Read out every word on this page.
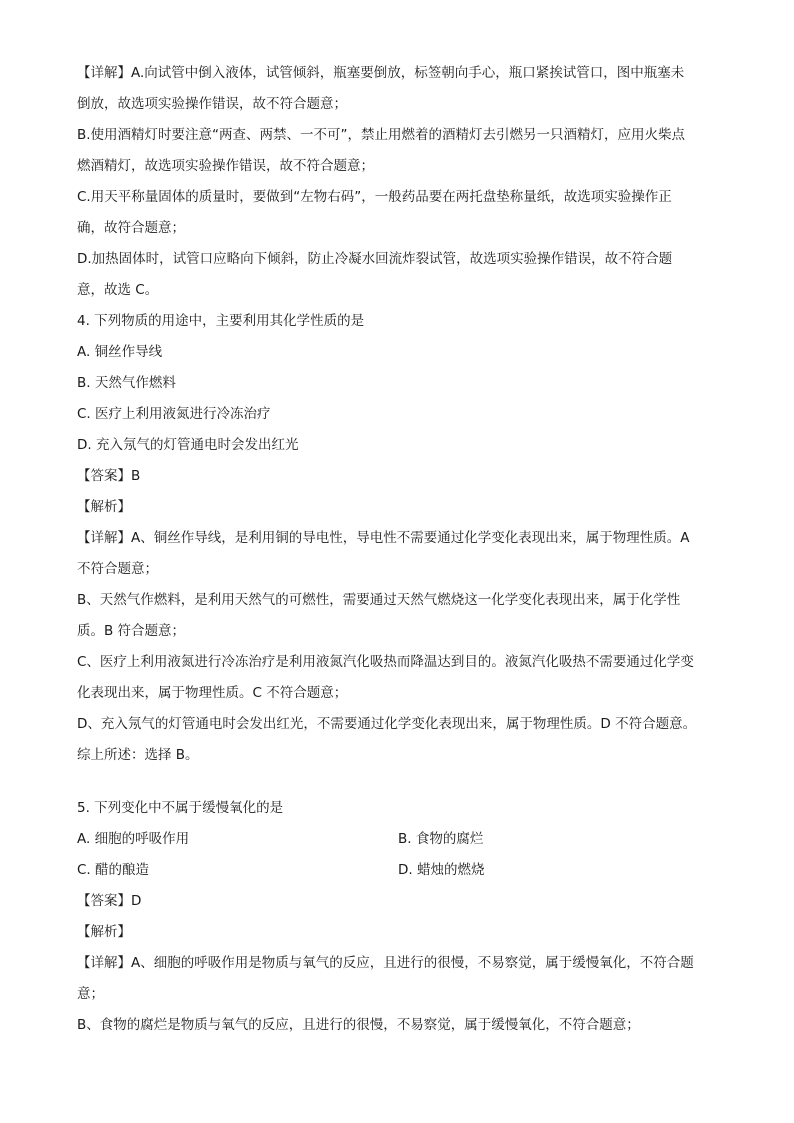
【详解】A.向试管中倒入液体，试管倾斜，瓶塞要倒放，标签朝向手心，瓶口紧挨试管口，图中瓶塞未
倒放，故选项实验操作错误，故不符合题意；
B.使用酒精灯时要注意“两查、两禁、一不可”，禁止用燃着的酒精灯去引燃另一只酒精灯，应用火柴点
燃酒精灯，故选项实验操作错误，故不符合题意；
C.用天平称量固体的质量时，要做到“左物右码”，一般药品要在两托盘垫称量纸，故选项实验操作正
确，故符合题意；
D.加热固体时，试管口应略向下倾斜，防止冷凝水回流炸裂试管，故选项实验操作错误，故不符合题
意，故选 C。
4. 下列物质的用途中，主要利用其化学性质的是
A. 铜丝作导线
B. 天然气作燃料
C. 医疗上利用液氮进行冷冻治疗
D. 充入氖气的灯管通电时会发出红光
【答案】B
【解析】
【详解】A、铜丝作导线，是利用铜的导电性，导电性不需要通过化学变化表现出来，属于物理性质。A
不符合题意；
B、天然气作燃料，是利用天然气的可燃性，需要通过天然气燃烧这一化学变化表现出来，属于化学性
质。B 符合题意；
C、医疗上利用液氮进行冷冻治疗是利用液氮汽化吸热而降温达到目的。液氮汽化吸热不需要通过化学变
化表现出来，属于物理性质。C 不符合题意；
D、充入氖气的灯管通电时会发出红光，不需要通过化学变化表现出来，属于物理性质。D 不符合题意。
综上所述：选择 B。
5. 下列变化中不属于缓慢氧化的是
A. 细胞的呼吸作用	B. 食物的腐烂
C. 醋的酿造	D. 蜡烛的燃烧
【答案】D
【解析】
【详解】A、细胞的呼吸作用是物质与氧气的反应，且进行的很慢，不易察觉，属于缓慢氧化，不符合题
意；
B、食物的腐烂是物质与氧气的反应，且进行的很慢，不易察觉，属于缓慢氧化，不符合题意；
